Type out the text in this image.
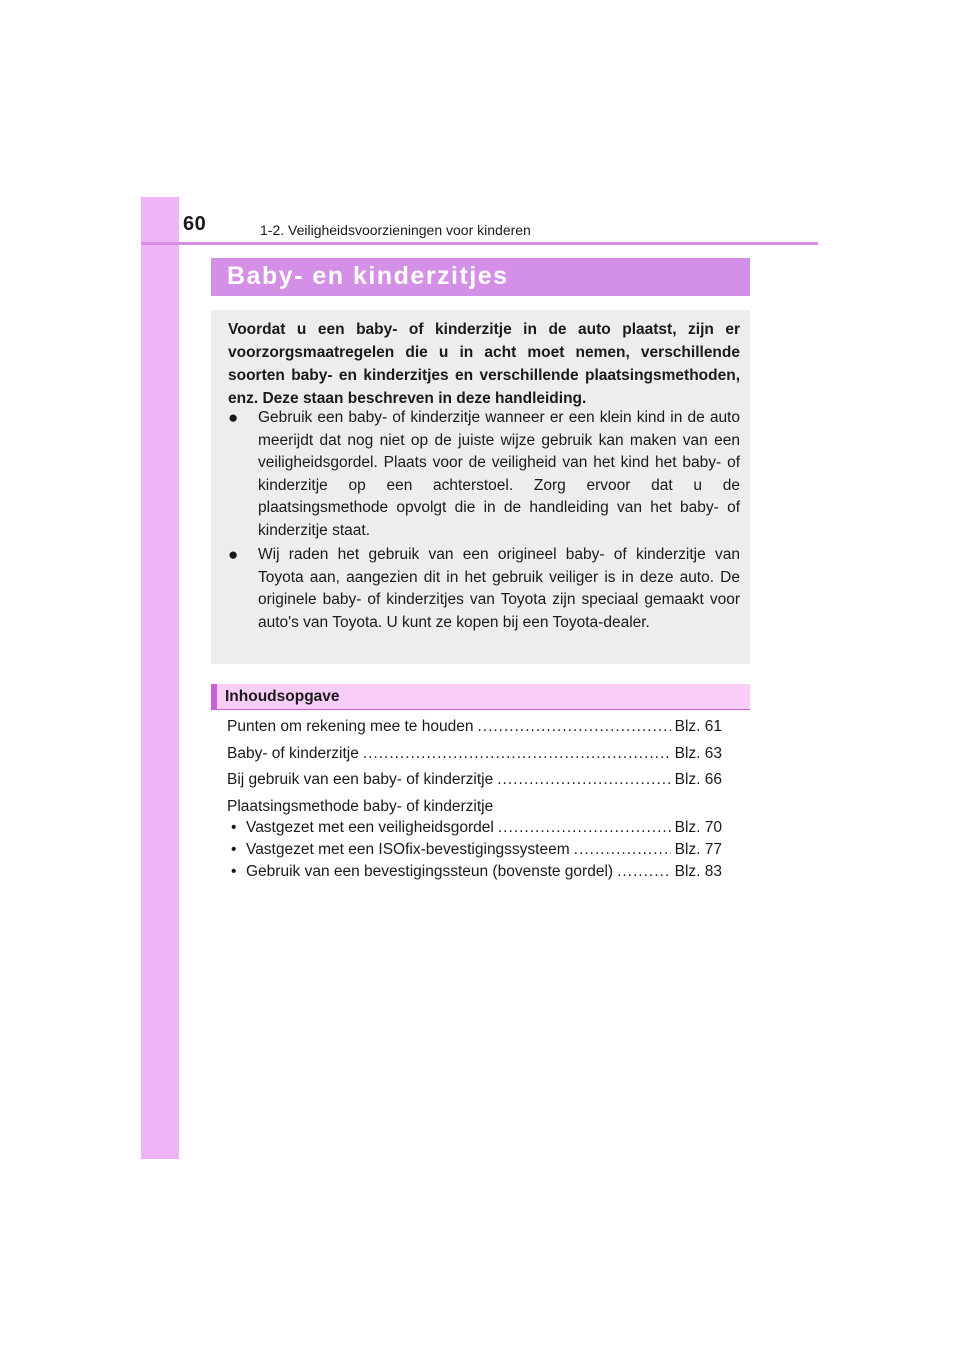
60	1-2. Veiligheidsvoorzieningen voor kinderen
Baby- en kinderzitjes
Voordat u een baby- of kinderzitje in de auto plaatst, zijn er voorzorgsmaatregelen die u in acht moet nemen, verschillende soorten baby- en kinderzitjes en verschillende plaatsingsmethoden, enz. Deze staan beschreven in deze handleiding.
● Gebruik een baby- of kinderzitje wanneer er een klein kind in de auto meerijdt dat nog niet op de juiste wijze gebruik kan maken van een veiligheidsgordel. Plaats voor de veiligheid van het kind het baby- of kinderzitje op een achterstoel. Zorg ervoor dat u de plaatsingsmethode opvolgt die in de handleiding van het baby- of kinderzitje staat.
● Wij raden het gebruik van een origineel baby- of kinderzitje van Toyota aan, aangezien dit in het gebruik veiliger is in deze auto. De originele baby- of kinderzitjes van Toyota zijn speciaal gemaakt voor auto's van Toyota. U kunt ze kopen bij een Toyota-dealer.
Inhoudsopgave
Punten om rekening mee te houden .....	Blz. 61
Baby- of kinderzitje .....	Blz. 63
Bij gebruik van een baby- of kinderzitje .....	Blz. 66
Plaatsingsmethode baby- of kinderzitje
• Vastgezet met een veiligheidsgordel .....	Blz. 70
• Vastgezet met een ISOfix-bevestigingssysteem .....	Blz. 77
• Gebruik van een bevestigingssteun (bovenste gordel) .....	Blz. 83
